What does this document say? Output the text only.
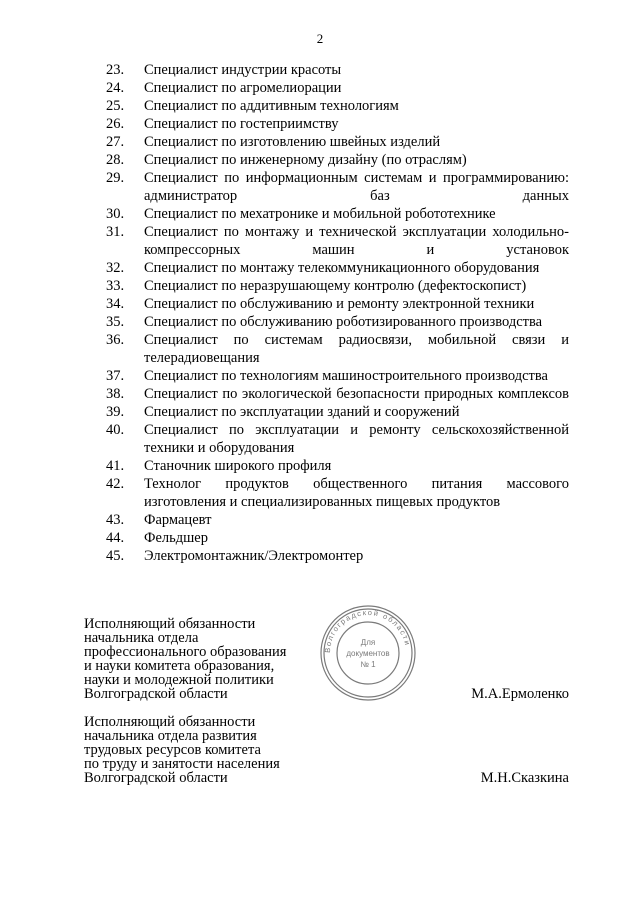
2
23.	Специалист индустрии красоты
24.	Специалист по агромелиорации
25.	Специалист по аддитивным технологиям
26.	Специалист по гостеприимству
27.	Специалист по изготовлению швейных изделий
28.	Специалист по инженерному дизайну (по отраслям)
29.	Специалист по информационным системам и программированию: администратор баз данных
30.	Специалист по мехатронике и мобильной робототехнике
31.	Специалист по монтажу и технической эксплуатации холодильно-компрессорных машин и установок
32.	Специалист по монтажу телекоммуникационного оборудования
33.	Специалист по неразрушающему контролю (дефектоскопист)
34.	Специалист по обслуживанию и ремонту электронной техники
35.	Специалист по обслуживанию роботизированного производства
36.	Специалист по системам радиосвязи, мобильной связи и телерадиовещания
37.	Специалист по технологиям машиностроительного производства
38.	Специалист по экологической безопасности природных комплексов
39.	Специалист по эксплуатации зданий и сооружений
40.	Специалист по эксплуатации и ремонту сельскохозяйственной техники и оборудования
41.	Станочник широкого профиля
42.	Технолог продуктов общественного питания массового изготовления и специализированных пищевых продуктов
43.	Фармацевт
44.	Фельдшер
45.	Электромонтажник/Электромонтер
Исполняющий обязанности
начальника отдела
профессионального образования
и науки комитета образования,
науки и молодежной политики
Волгоградской области	М.А.Ермоленко
Волгоградской области
Для
документов
№ 1
Исполняющий обязанности
начальника отдела развития
трудовых ресурсов комитета
по труду и занятости населения
Волгоградской области	М.Н.Сказкина
